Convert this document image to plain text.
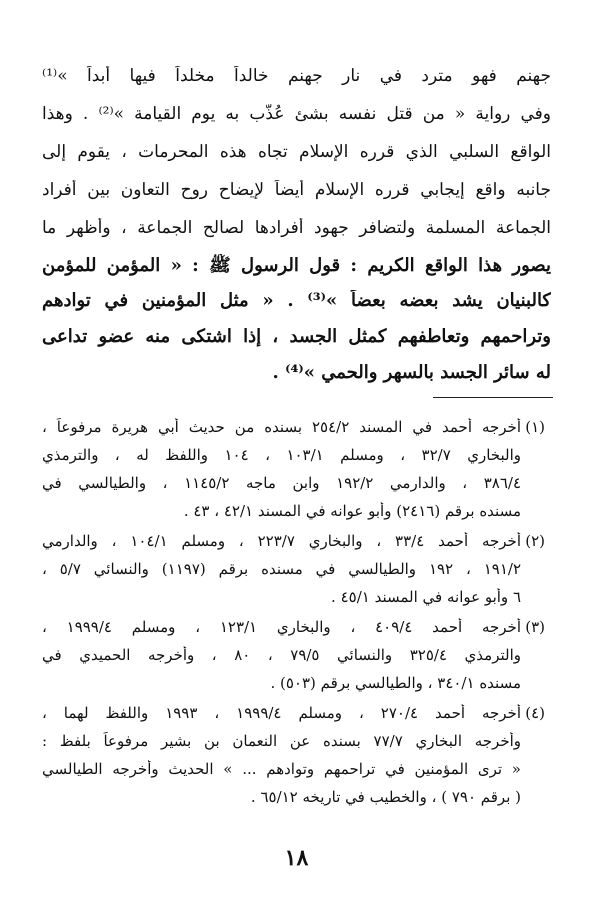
جهنم فهو مترد في نار جهنم خالداً مخلداً فيها أبداً »⁽¹⁾
وفي رواية « من قتل نفسه بشئ عُذّب به يوم القيامة »⁽²⁾ . وهذا
الواقع السلبي الذي قرره الإسلام تجاه هذه المحرمات ، يقوم إلى
جانبه واقع إيجابي قرره الإسلام أيضاً لإيضاح روح التعاون بين أفراد
الجماعة المسلمة ولتضافر جهود أفرادها لصالح الجماعة ، وأظهر ما
يصور هذا الواقع الكريم : قول الرسول ﷺ : « المؤمن للمؤمن
كالبنيان يشد بعضه بعضاً »⁽³⁾ . « مثل المؤمنين في توادهم
وتراحمهم وتعاطفهم كمثل الجسد ، إذا اشتكى منه عضو تداعى
له سائر الجسد بالسهر والحمي »⁽⁴⁾ .
(١)
أخرجه أحمد في المسند ٢٥٤/٢ بسنده من حديث أبي هريرة مرفوعاً ،
والبخاري ٣٢/٧ ، ومسلم ١٠٣/١ ، ١٠٤ واللفظ له ، والترمذي
٣٨٦/٤ ، والدارمي ١٩٢/٢ وابن ماجه ١١٤٥/٢ ، والطيالسي في
مسنده برقم (٢٤١٦) وأبو عوانه في المسند ٤٢/١ ، ٤٣ .
(٢)
أخرجه أحمد ٣٣/٤ ، والبخاري ٢٢٣/٧ ، ومسلم ١٠٤/١ ، والدارمي
١٩١/٢ ، ١٩٢ والطيالسي في مسنده برقم (١١٩٧) والنسائي ٥/٧ ،
٦ وأبو عوانه في المسند ٤٥/١ .
(٣)
أخرجه أحمد ٤٠٩/٤ ، والبخاري ١٢٣/١ ، ومسلم ١٩٩٩/٤ ،
والترمذي ٣٢٥/٤ والنسائي ٧٩/٥ ، ٨٠ ، وأخرجه الحميدي في
مسنده ٣٤٠/١ ، والطيالسي برقم (٥٠٣) .
(٤)
أخرجه أحمد ٢٧٠/٤ ، ومسلم ١٩٩٩/٤ ، ١٩٩٣ واللفظ لهما ،
وأخرجه البخاري ٧٧/٧ بسنده عن النعمان بن بشير مرفوعاً بلفظ :
« ترى المؤمنين في تراحمهم وتوادهم ... » الحديث وأخرجه الطيالسي
( برقم ٧٩٠ ) ، والخطيب في تاريخه ٦٥/١٢ .
١٨
